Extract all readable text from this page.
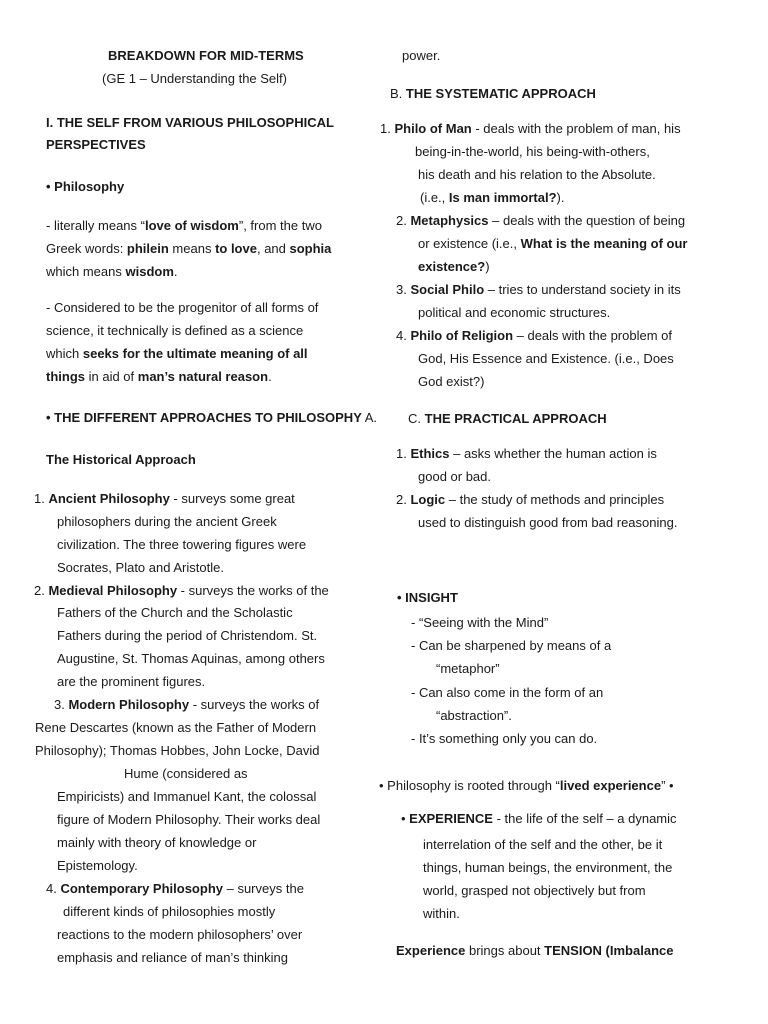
BREAKDOWN FOR MID-TERMS
(GE 1 – Understanding the Self)
I. THE SELF FROM VARIOUS PHILOSOPHICAL
PERSPECTIVES
• Philosophy
- literally means “love of wisdom”, from the two
Greek words: philein means to love, and sophia
which means wisdom.
- Considered to be the progenitor of all forms of
science, it technically is defined as a science
which seeks for the ultimate meaning of all
things in aid of man’s natural reason.
• THE DIFFERENT APPROACHES TO PHILOSOPHY A.
The Historical Approach
1. Ancient Philosophy - surveys some great
philosophers during the ancient Greek
civilization. The three towering figures were
Socrates, Plato and Aristotle.
2. Medieval Philosophy - surveys the works of the
Fathers of the Church and the Scholastic
Fathers during the period of Christendom. St.
Augustine, St. Thomas Aquinas, among others
are the prominent figures.
3. Modern Philosophy - surveys the works of
Rene Descartes (known as the Father of Modern
Philosophy); Thomas Hobbes, John Locke, David
Hume (considered as
Empiricists) and Immanuel Kant, the colossal
figure of Modern Philosophy. Their works deal
mainly with theory of knowledge or
Epistemology.
4. Contemporary Philosophy – surveys the
different kinds of philosophies mostly
reactions to the modern philosophers’ over
emphasis and reliance of man’s thinking
power.
B. THE SYSTEMATIC APPROACH
1. Philo of Man - deals with the problem of man, his
being-in-the-world, his being-with-others,
his death and his relation to the Absolute.
(i.e., Is man immortal?).
2. Metaphysics – deals with the question of being
or existence (i.e., What is the meaning of our
existence?)
3. Social Philo – tries to understand society in its
political and economic structures.
4. Philo of Religion – deals with the problem of
God, His Essence and Existence. (i.e., Does
God exist?)
C. THE PRACTICAL APPROACH
1. Ethics – asks whether the human action is
good or bad.
2. Logic – the study of methods and principles
used to distinguish good from bad reasoning.
• INSIGHT
- “Seeing with the Mind”
- Can be sharpened by means of a
“metaphor”
- Can also come in the form of an
“abstraction”.
- It’s something only you can do.
• Philosophy is rooted through “lived experience” •
• EXPERIENCE - the life of the self – a dynamic
interrelation of the self and the other, be it
things, human beings, the environment, the
world, grasped not objectively but from
within.
Experience brings about TENSION (Imbalance
